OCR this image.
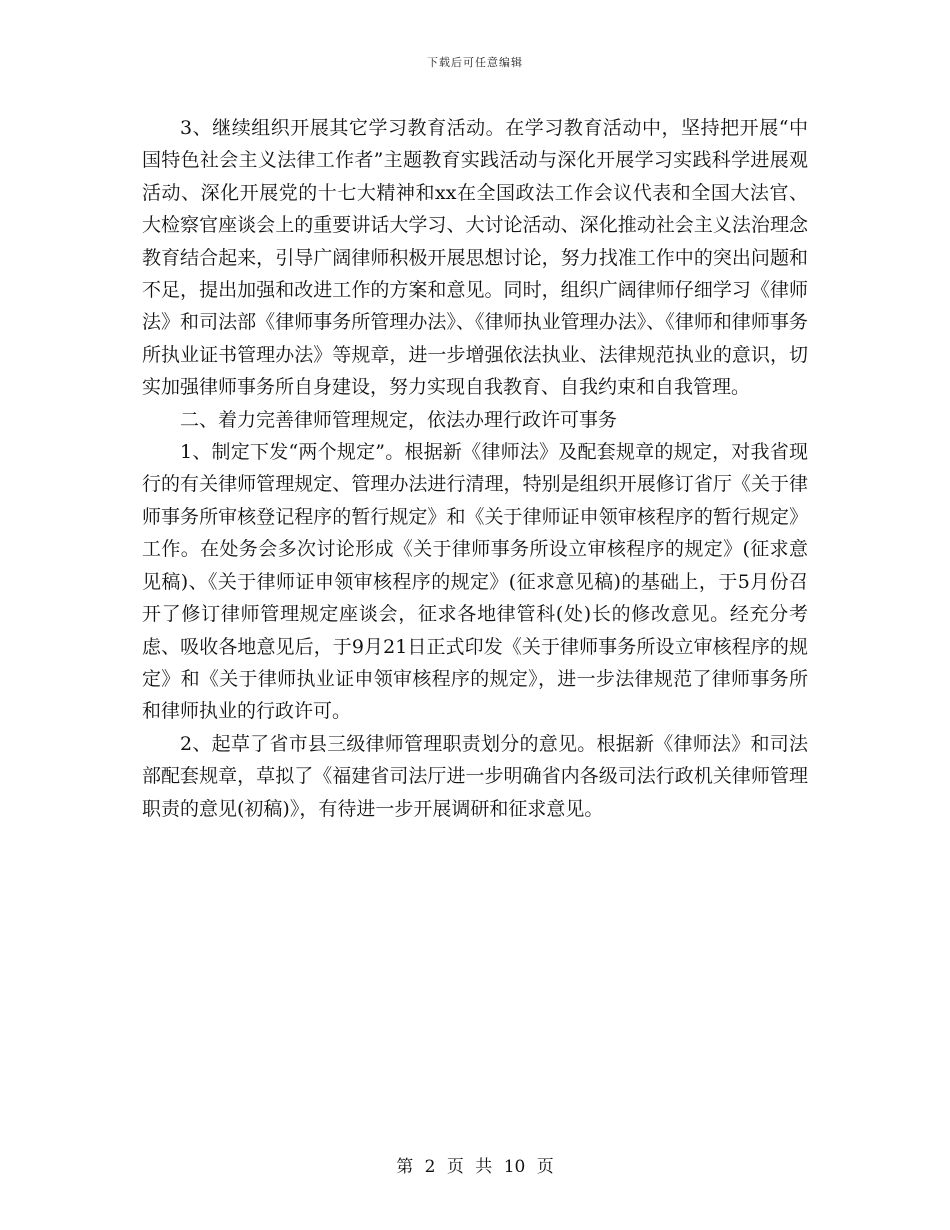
下载后可任意编辑

3、继续组织开展其它学习教育活动。在学习教育活动中，坚持把开展“中国特色社会主义法律工作者”主题教育实践活动与深化开展学习实践科学进展观活动、深化开展党的十七大精神和xx在全国政法工作会议代表和全国大法官、大检察官座谈会上的重要讲话大学习、大讨论活动、深化推动社会主义法治理念教育结合起来，引导广阔律师积极开展思想讨论，努力找准工作中的突出问题和不足，提出加强和改进工作的方案和意见。同时，组织广阔律师仔细学习《律师法》和司法部《律师事务所管理办法》、《律师执业管理办法》、《律师和律师事务所执业证书管理办法》等规章，进一步增强依法执业、法律规范执业的意识，切实加强律师事务所自身建设，努力实现自我教育、自我约束和自我管理。

二、着力完善律师管理规定，依法办理行政许可事务

1、制定下发“两个规定”。根据新《律师法》及配套规章的规定，对我省现行的有关律师管理规定、管理办法进行清理，特别是组织开展修订省厅《关于律师事务所审核登记程序的暂行规定》和《关于律师证申领审核程序的暂行规定》工作。在处务会多次讨论形成《关于律师事务所设立审核程序的规定》(征求意见稿)、《关于律师证申领审核程序的规定》(征求意见稿)的基础上，于5月份召开了修订律师管理规定座谈会，征求各地律管科(处)长的修改意见。经充分考虑、吸收各地意见后，于9月21日正式印发《关于律师事务所设立审核程序的规定》和《关于律师执业证申领审核程序的规定》，进一步法律规范了律师事务所和律师执业的行政许可。

2、起草了省市县三级律师管理职责划分的意见。根据新《律师法》和司法部配套规章，草拟了《福建省司法厅进一步明确省内各级司法行政机关律师管理职责的意见(初稿)》，有待进一步开展调研和征求意见。

第 2 页 共 10 页
